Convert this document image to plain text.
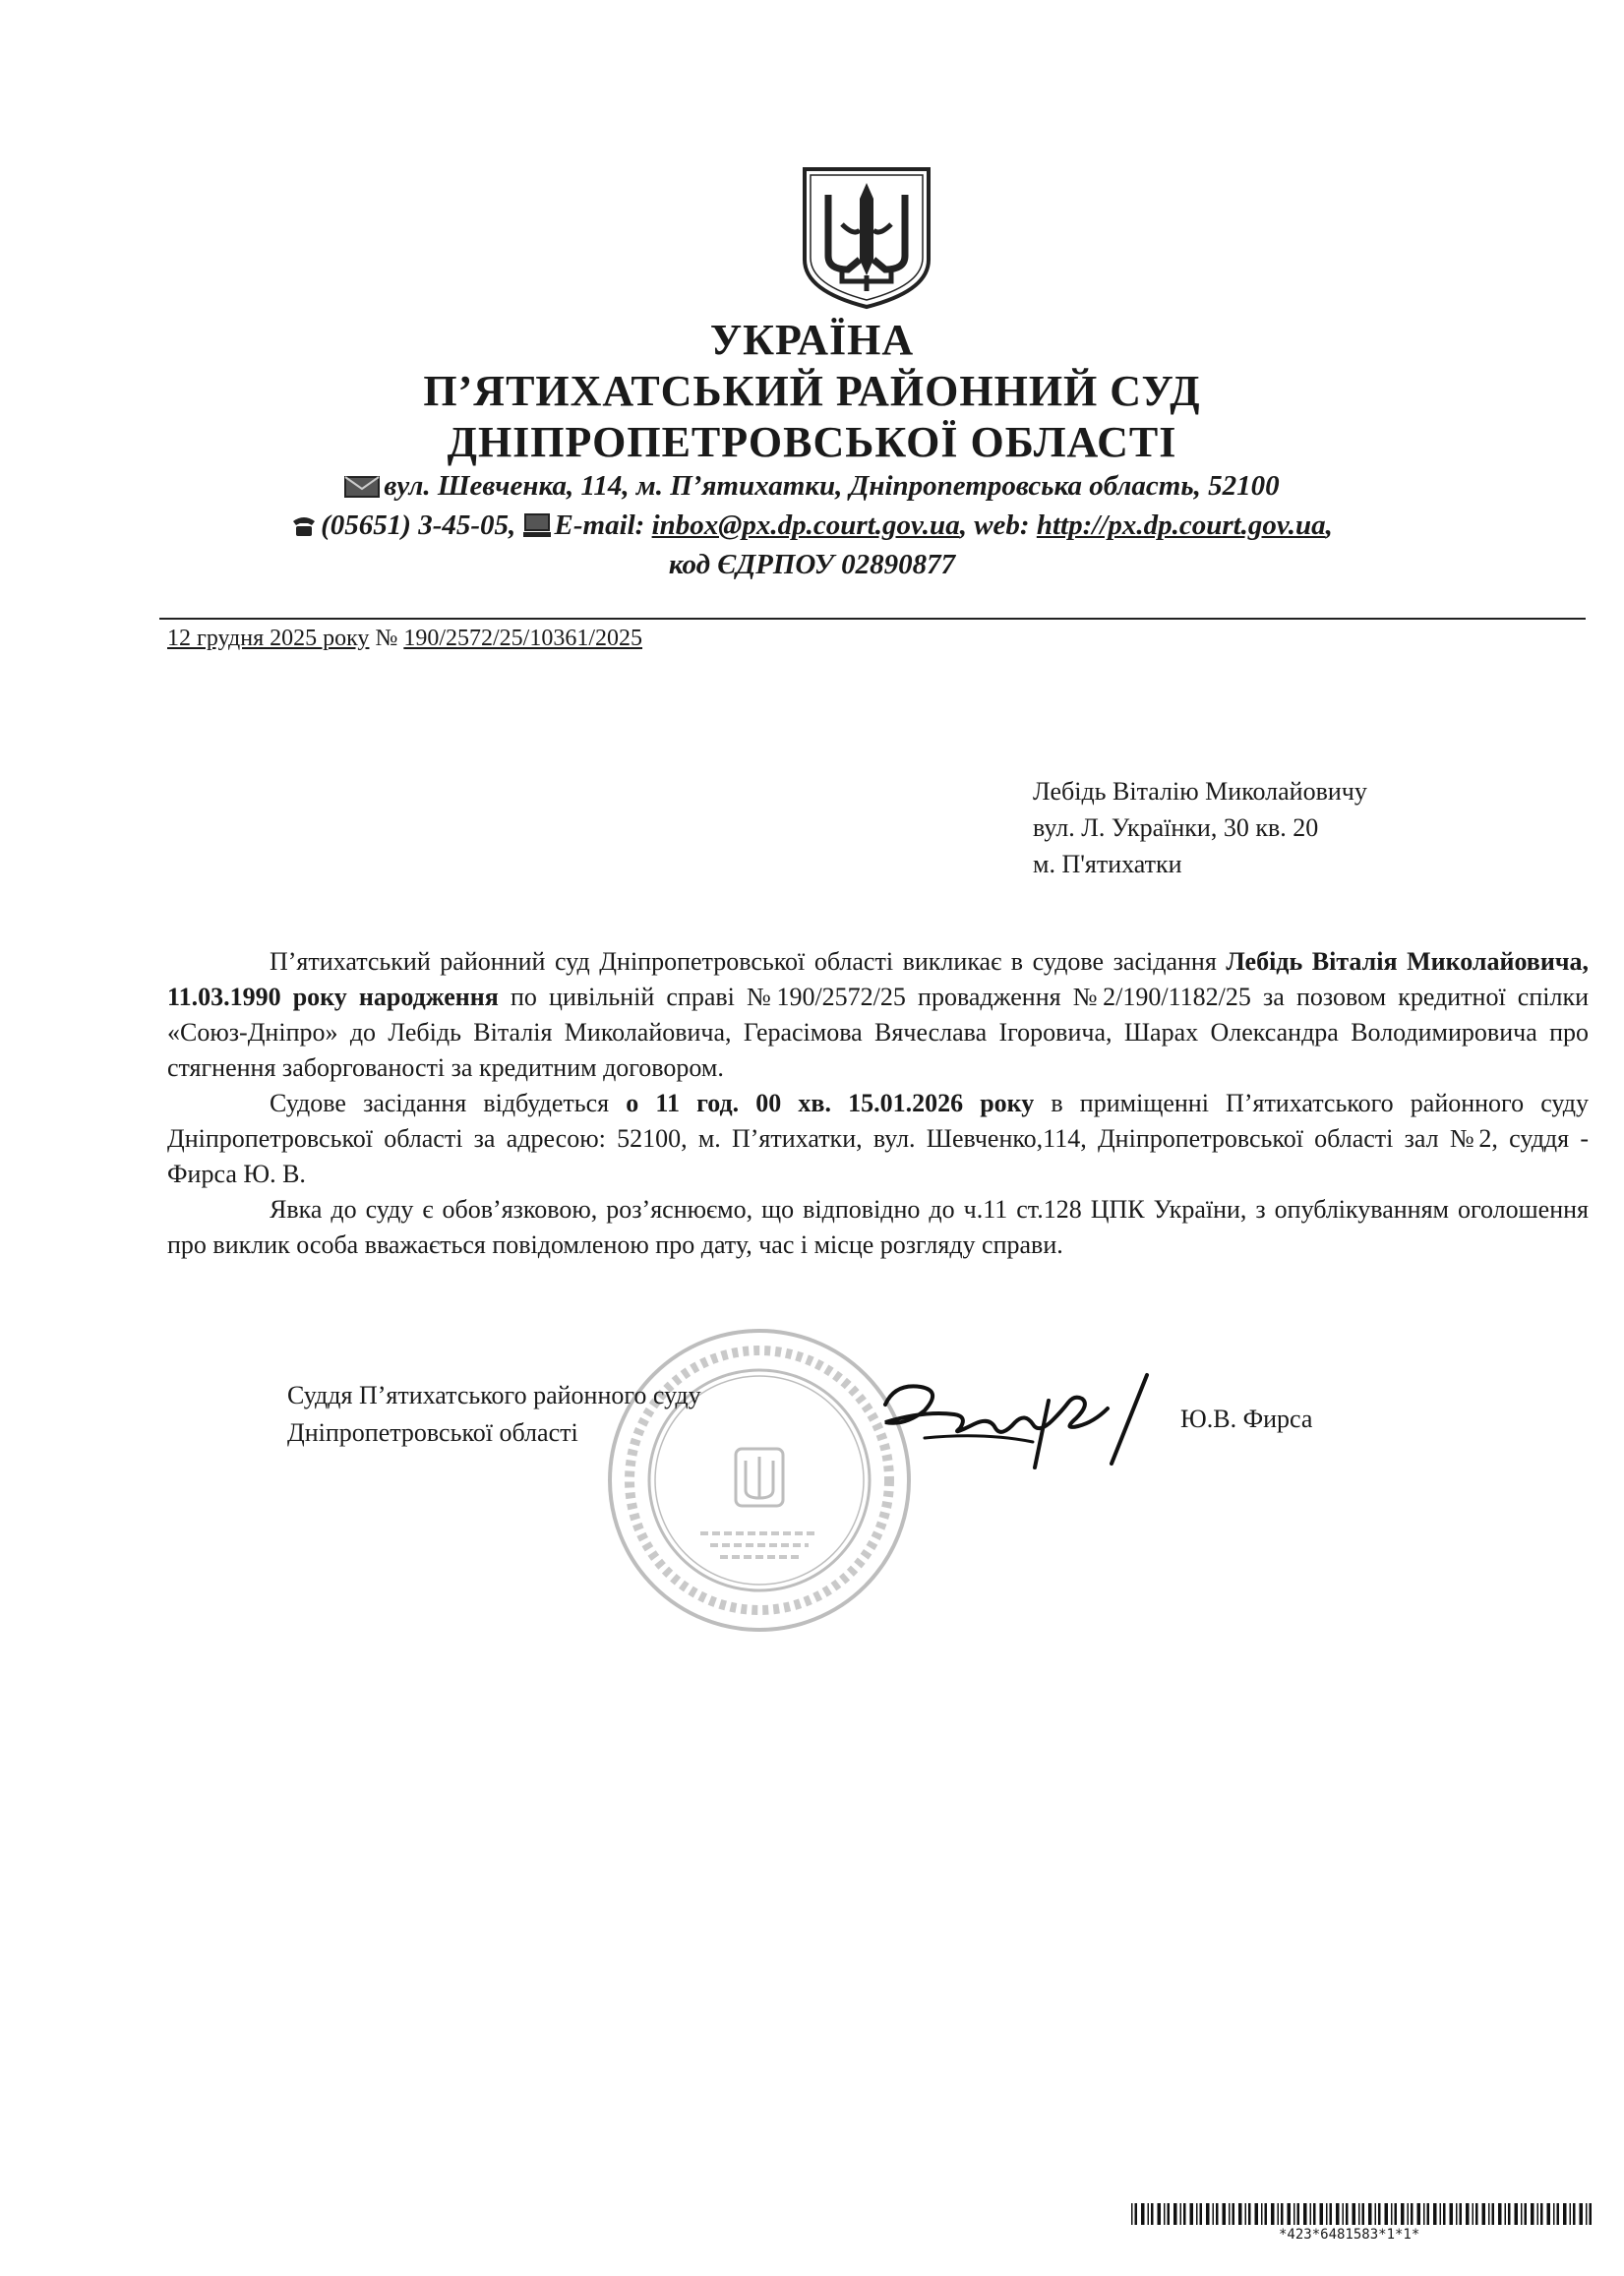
УКРАЇНА
П’ЯТИХАТСЬКИЙ РАЙОННИЙ СУД
ДНІПРОПЕТРОВСЬКОЇ ОБЛАСТІ
вул. Шевченка, 114, м. П’ятихатки, Дніпропетровська область, 52100
(05651) 3-45-05, E-mail: inbox@px.dp.court.gov.ua, web: http://px.dp.court.gov.ua,
код ЄДРПОУ 02890877
12 грудня 2025 року № 190/2572/25/10361/2025
Лебідь Віталію Миколайовичу
вул. Л. Українки, 30 кв. 20
м. П'ятихатки

П’ятихатський районний суд Дніпропетровської області викликає в судове засідання Лебідь Віталія Миколайовича, 11.03.1990 року народження по цивільній справі №190/2572/25 провадження №2/190/1182/25 за позовом кредитної спілки «Союз-Дніпро» до Лебідь Віталія Миколайовича, Герасімова Вячеслава Ігоровича, Шарах Олександра Володимировича про стягнення заборгованості за кредитним договором.

Судове засідання відбудеться о 11 год. 00 хв. 15.01.2026 року в приміщенні П’ятихатського районного суду Дніпропетровської області за адресою: 52100, м. П’ятихатки, вул. Шевченко,114, Дніпропетровської області зал №2, суддя - Фирса Ю. В.

Явка до суду є обов’язковою, роз’яснюємо, що відповідно до ч.11 ст.128 ЦПК України, з опублікуванням оголошення про виклик особа вважається повідомленою про дату, час і місце розгляду справи.

Суддя П’ятихатського районного суду
Дніпропетровської області	Ю.В. Фирса
*423*6481583*1*1*
